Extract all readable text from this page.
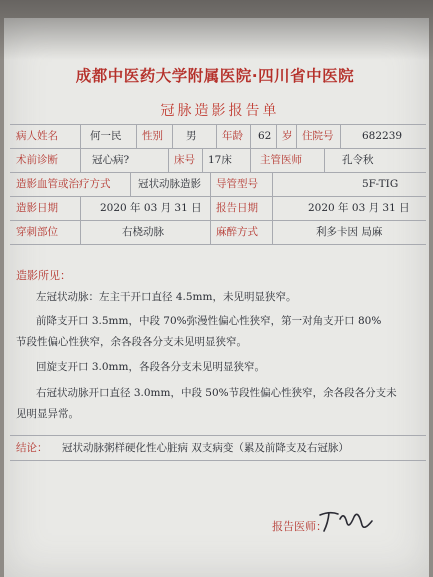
成都中医药大学附属医院·四川省中医院
冠脉造影报告单
病人姓名	何一民 性别 男 年龄 62 岁 住院号	682239
术前诊断	冠心病?	床号 17床	主管医师	孔令秋
造影血管或治疗方式	冠状动脉造影 导管型号	5F-TIG
造影日期	2020 年 03 月 31 日 报告日期	2020 年 03 月 31 日
穿刺部位	右桡动脉	麻醉方式	利多卡因 局麻
造影所见：
左冠状动脉：左主干开口直径 4.5mm，未见明显狭窄。
前降支开口 3.5mm，中段 70%弥漫性偏心性狭窄，第一对角支开口 80%
节段性偏心性狭窄，余各段各分支未见明显狭窄。
回旋支开口 3.0mm，各段各分支未见明显狭窄。
右冠状动脉开口直径 3.0mm，中段 50%节段性偏心性狭窄，余各段各分支未
见明显异常。
结论： 冠状动脉粥样硬化性心脏病 双支病变（累及前降支及右冠脉）
报告医师：
